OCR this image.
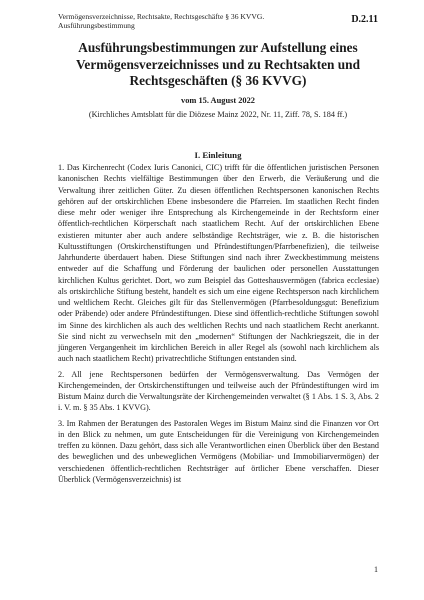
Vermögensverzeichnisse, Rechtsakte, Rechtsgeschäfte § 36 KVVG.
Ausführungsbestimmung
D.2.11
Ausführungsbestimmungen zur Aufstellung eines
Vermögensverzeichnisses und zu Rechtsakten und
Rechtsgeschäften (§ 36 KVVG)
vom 15. August 2022
(Kirchliches Amtsblatt für die Diözese Mainz 2022, Nr. 11, Ziff. 78, S. 184 ff.)
I. Einleitung

1. Das Kirchenrecht (Codex Iuris Canonici, CIC) trifft für die öffentlichen juristischen Personen kanonischen Rechts vielfältige Bestimmungen über den Erwerb, die Veräußerung und die Verwaltung ihrer zeitlichen Güter. Zu diesen öffentlichen Rechtspersonen kanonischen Rechts gehören auf der ortskirchlichen Ebene insbesondere die Pfarreien. Im staatlichen Recht finden diese mehr oder weniger ihre Entsprechung als Kirchengemeinde in der Rechtsform einer öffentlich-rechtlichen Körperschaft nach staatlichem Recht. Auf der ortskirchlichen Ebene existieren mitunter aber auch andere selbständige Rechtsträger, wie z. B. die historischen Kultusstiftungen (Ortskirchenstiftungen und Pfründestiftungen/Pfarrbenefizien), die teilweise Jahrhunderte überdauert haben. Diese Stiftungen sind nach ihrer Zweckbestimmung meistens entweder auf die Schaffung und Förderung der baulichen oder personellen Ausstattungen kirchlichen Kultus gerichtet. Dort, wo zum Beispiel das Gotteshausvermögen (fabrica ecclesiae) als ortskirchliche Stiftung besteht, handelt es sich um eine eigene Rechtsperson nach kirchlichem und weltlichem Recht. Gleiches gilt für das Stellenvermögen (Pfarrbesoldungsgut: Benefizium oder Präbende) oder andere Pfründestiftungen. Diese sind öffentlich-rechtliche Stiftungen sowohl im Sinne des kirchlichen als auch des weltlichen Rechts und nach staatlichem Recht anerkannt. Sie sind nicht zu verwechseln mit den „modernen“ Stiftungen der Nachkriegszeit, die in der jüngeren Vergangenheit im kirchlichen Bereich in aller Regel als (sowohl nach kirchlichem als auch nach staatlichem Recht) privatrechtliche Stiftungen entstanden sind.

2. All jene Rechtspersonen bedürfen der Vermögensverwaltung. Das Vermögen der Kirchengemeinden, der Ortskirchenstiftungen und teilweise auch der Pfründestiftungen wird im Bistum Mainz durch die Verwaltungsräte der Kirchengemeinden verwaltet (§ 1 Abs. 1 S. 3, Abs. 2 i. V. m. § 35 Abs. 1 KVVG).

3. Im Rahmen der Beratungen des Pastoralen Weges im Bistum Mainz sind die Finanzen vor Ort in den Blick zu nehmen, um gute Entscheidungen für die Vereinigung von Kirchengemeinden treffen zu können. Dazu gehört, dass sich alle Verantwortlichen einen Überblick über den Bestand des beweglichen und des unbeweglichen Vermögens (Mobiliar- und Immobiliarvermögen) der verschiedenen öffentlich-rechtlichen Rechtsträger auf örtlicher Ebene verschaffen. Dieser Überblick (Vermögensverzeichnis) ist

1
